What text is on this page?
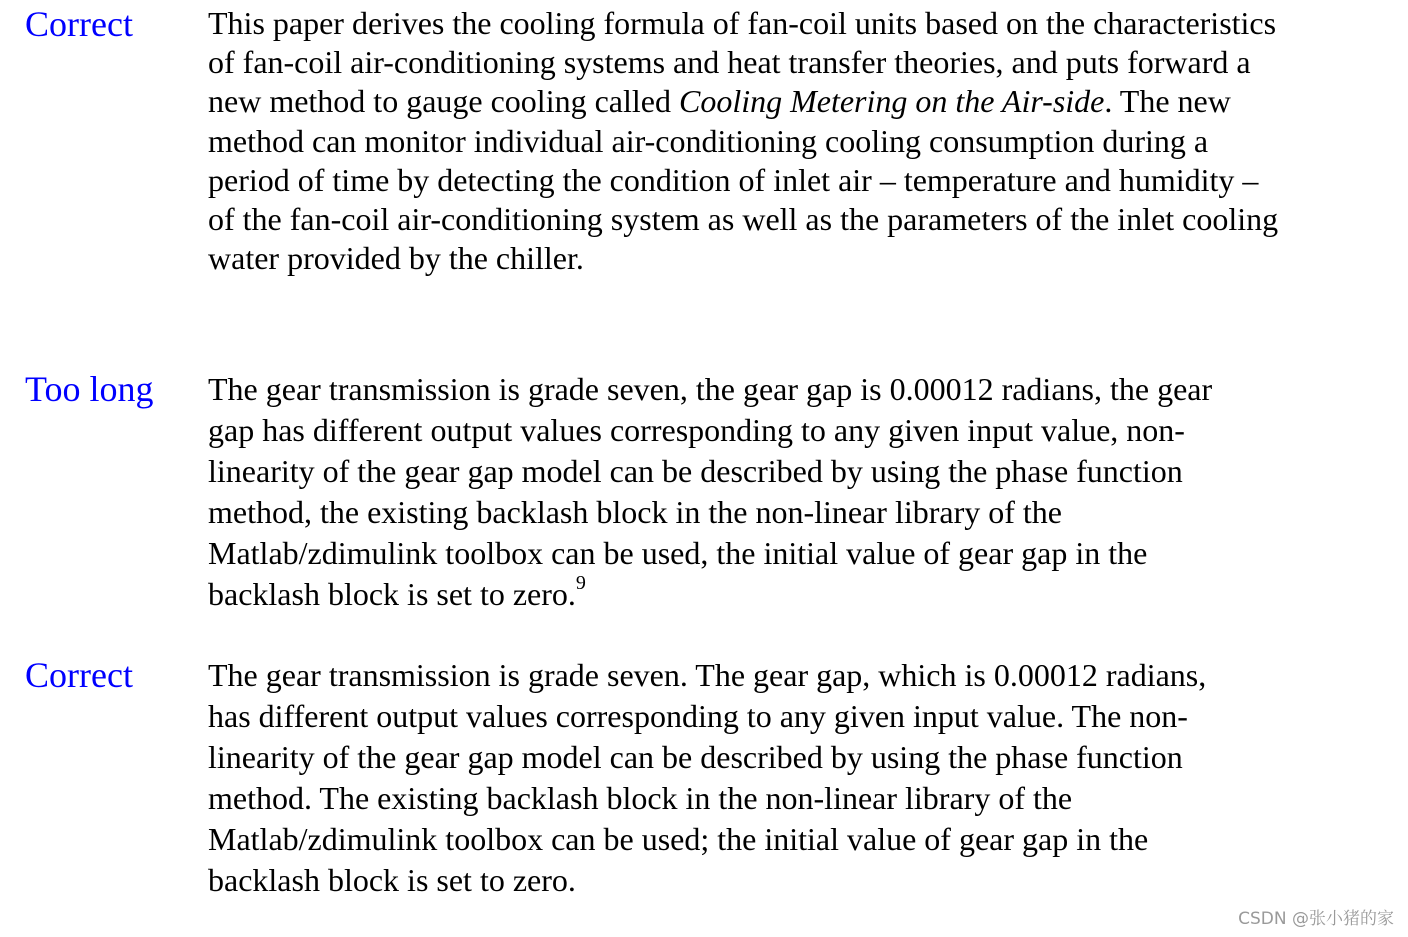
Correct This paper derives the cooling formula of fan-coil units based on the characteristics
of fan-coil air-conditioning systems and heat transfer theories, and puts forward a
new method to gauge cooling called Cooling Metering on the Air-side. The new
method can monitor individual air-conditioning cooling consumption during a
period of time by detecting the condition of inlet air – temperature and humidity –
of the fan-coil air-conditioning system as well as the parameters of the inlet cooling
water provided by the chiller.
Too long The gear transmission is grade seven, the gear gap is 0.00012 radians, the gear
gap has different output values corresponding to any given input value, non-
linearity of the gear gap model can be described by using the phase function
method, the existing backlash block in the non-linear library of the
Matlab/zdimulink toolbox can be used, the initial value of gear gap in the
backlash block is set to zero.$^9$
Correct The gear transmission is grade seven. The gear gap, which is 0.00012 radians,
has different output values corresponding to any given input value. The non-
linearity of the gear gap model can be described by using the phase function
method. The existing backlash block in the non-linear library of the
Matlab/zdimulink toolbox can be used; the initial value of gear gap in the
backlash block is set to zero.
CSDN @张小猪的家
